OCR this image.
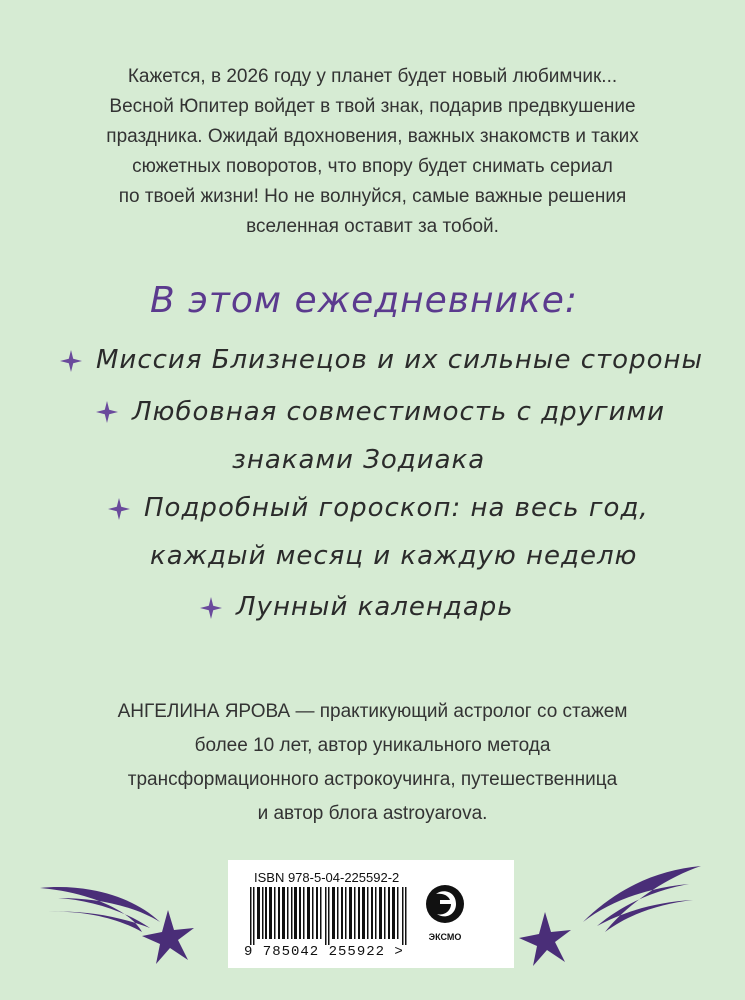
Кажется, в 2026 году у планет будет новый любимчик...
Весной Юпитер войдет в твой знак, подарив предвкушение
праздника. Ожидай вдохновения, важных знакомств и таких
сюжетных поворотов, что впору будет снимать сериал
по твоей жизни! Но не волнуйся, самые важные решения
вселенная оставит за тобой.
В этом ежедневнике:
Миссия Близнецов и их сильные стороны
Любовная совместимость с другими
знаками Зодиака
Подробный гороскоп: на весь год,
каждый месяц и каждую неделю
Лунный календарь
АНГЕЛИНА ЯРОВА — практикующий астролог со стажем
более 10 лет, автор уникального метода
трансформационного астрокоучинга, путешественница
и автор блога astroyarova.
ISBN 978-5-04-225592-2
9 785042 255922 >
ЭКСМО
